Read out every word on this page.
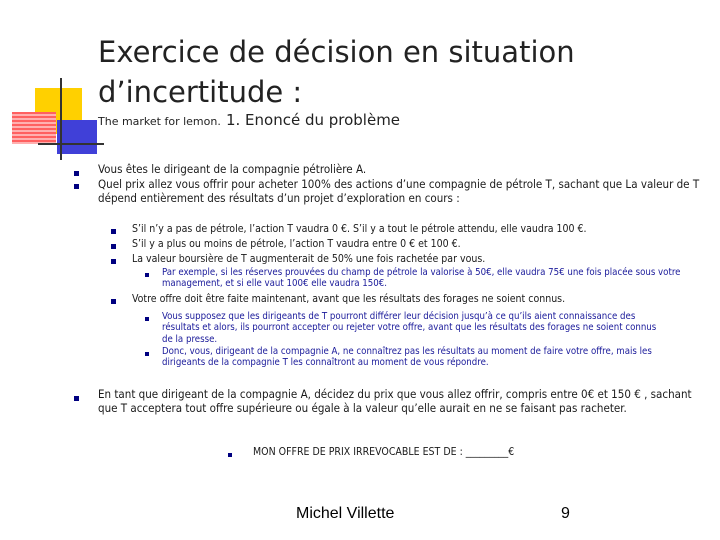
Exercice de décision en situation d’incertitude :
The market for lemon. 1. Enoncé du problème
Vous êtes le dirigeant de la compagnie pétrolière A.
Quel prix allez vous offrir pour acheter 100% des actions d’une compagnie de pétrole T, sachant que La valeur de T dépend entièrement des résultats d’un projet d’exploration en cours :
S’il n’y a pas de pétrole, l’action T vaudra 0 €. S’il y a tout le pétrole attendu, elle vaudra 100 €.
S’il y a plus ou moins de pétrole, l’action T vaudra entre 0 € et 100 €.
La valeur boursière de T augmenterait de 50% une fois rachetée par vous.
Par exemple, si les réserves prouvées du champ de pétrole la valorise à 50€, elle vaudra 75€ une fois placée sous votre management, et si elle vaut 100€ elle vaudra 150€.
Votre offre doit être faite maintenant, avant que les résultats des forages ne soient connus.
Vous supposez que les dirigeants de T pourront différer leur décision jusqu’à ce qu’ils aient connaissance des résultats et alors, ils pourront accepter ou rejeter votre offre, avant que les résultats des forages ne soient connus de la presse.
Donc, vous, dirigeant de la compagnie A, ne connaîtrez pas les résultats au moment de faire votre offre, mais les dirigeants de la compagnie T les connaîtront au moment de vous répondre.
En tant que dirigeant de la compagnie A, décidez du prix que vous allez offrir, compris entre 0€ et 150 € , sachant que T acceptera tout offre supérieure ou égale à la valeur qu’elle aurait en ne se faisant pas racheter.
MON OFFRE DE PRIX IRREVOCABLE EST DE : _________€
Michel Villette	9
